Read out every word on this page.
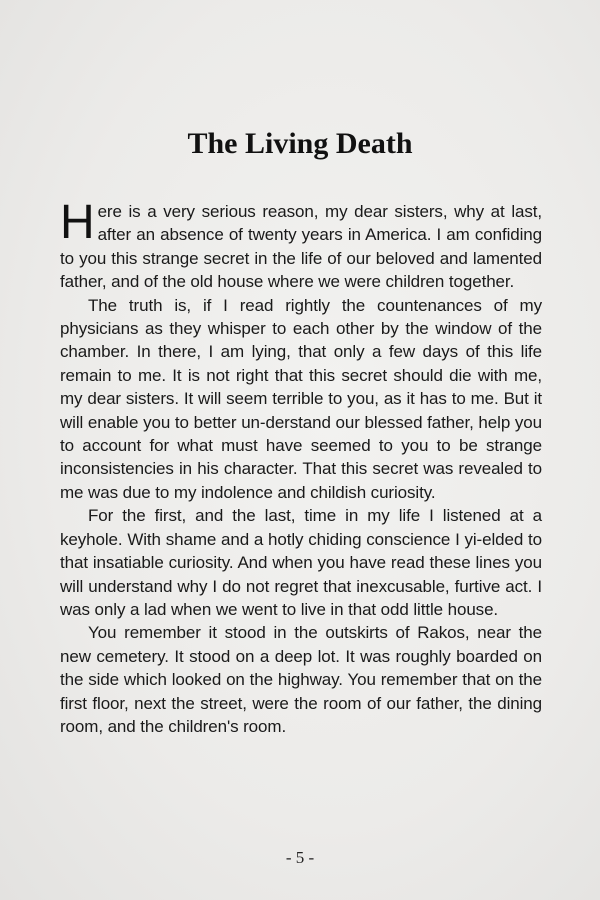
The Living Death

Here is a very serious reason, my dear sisters, why at last, after an absence of twenty years in America. I am confiding to you this strange secret in the life of our beloved and lamented father, and of the old house where we were children together.

The truth is, if I read rightly the countenances of my physicians as they whisper to each other by the window of the chamber. In there, I am lying, that only a few days of this life remain to me. It is not right that this secret should die with me, my dear sisters. It will seem terrible to you, as it has to me. But it will enable you to better un-derstand our blessed father, help you to account for what must have seemed to you to be strange inconsistencies in his character. That this secret was revealed to me was due to my indolence and childish curiosity.

For the first, and the last, time in my life I listened at a keyhole. With shame and a hotly chiding conscience I yi-elded to that insatiable curiosity. And when you have read these lines you will understand why I do not regret that inexcusable, furtive act. I was only a lad when we went to live in that odd little house.

You remember it stood in the outskirts of Rakos, near the new cemetery. It stood on a deep lot. It was roughly boarded on the side which looked on the highway. You remember that on the first floor, next the street, were the room of our father, the dining room, and the children's room.

- 5 -
